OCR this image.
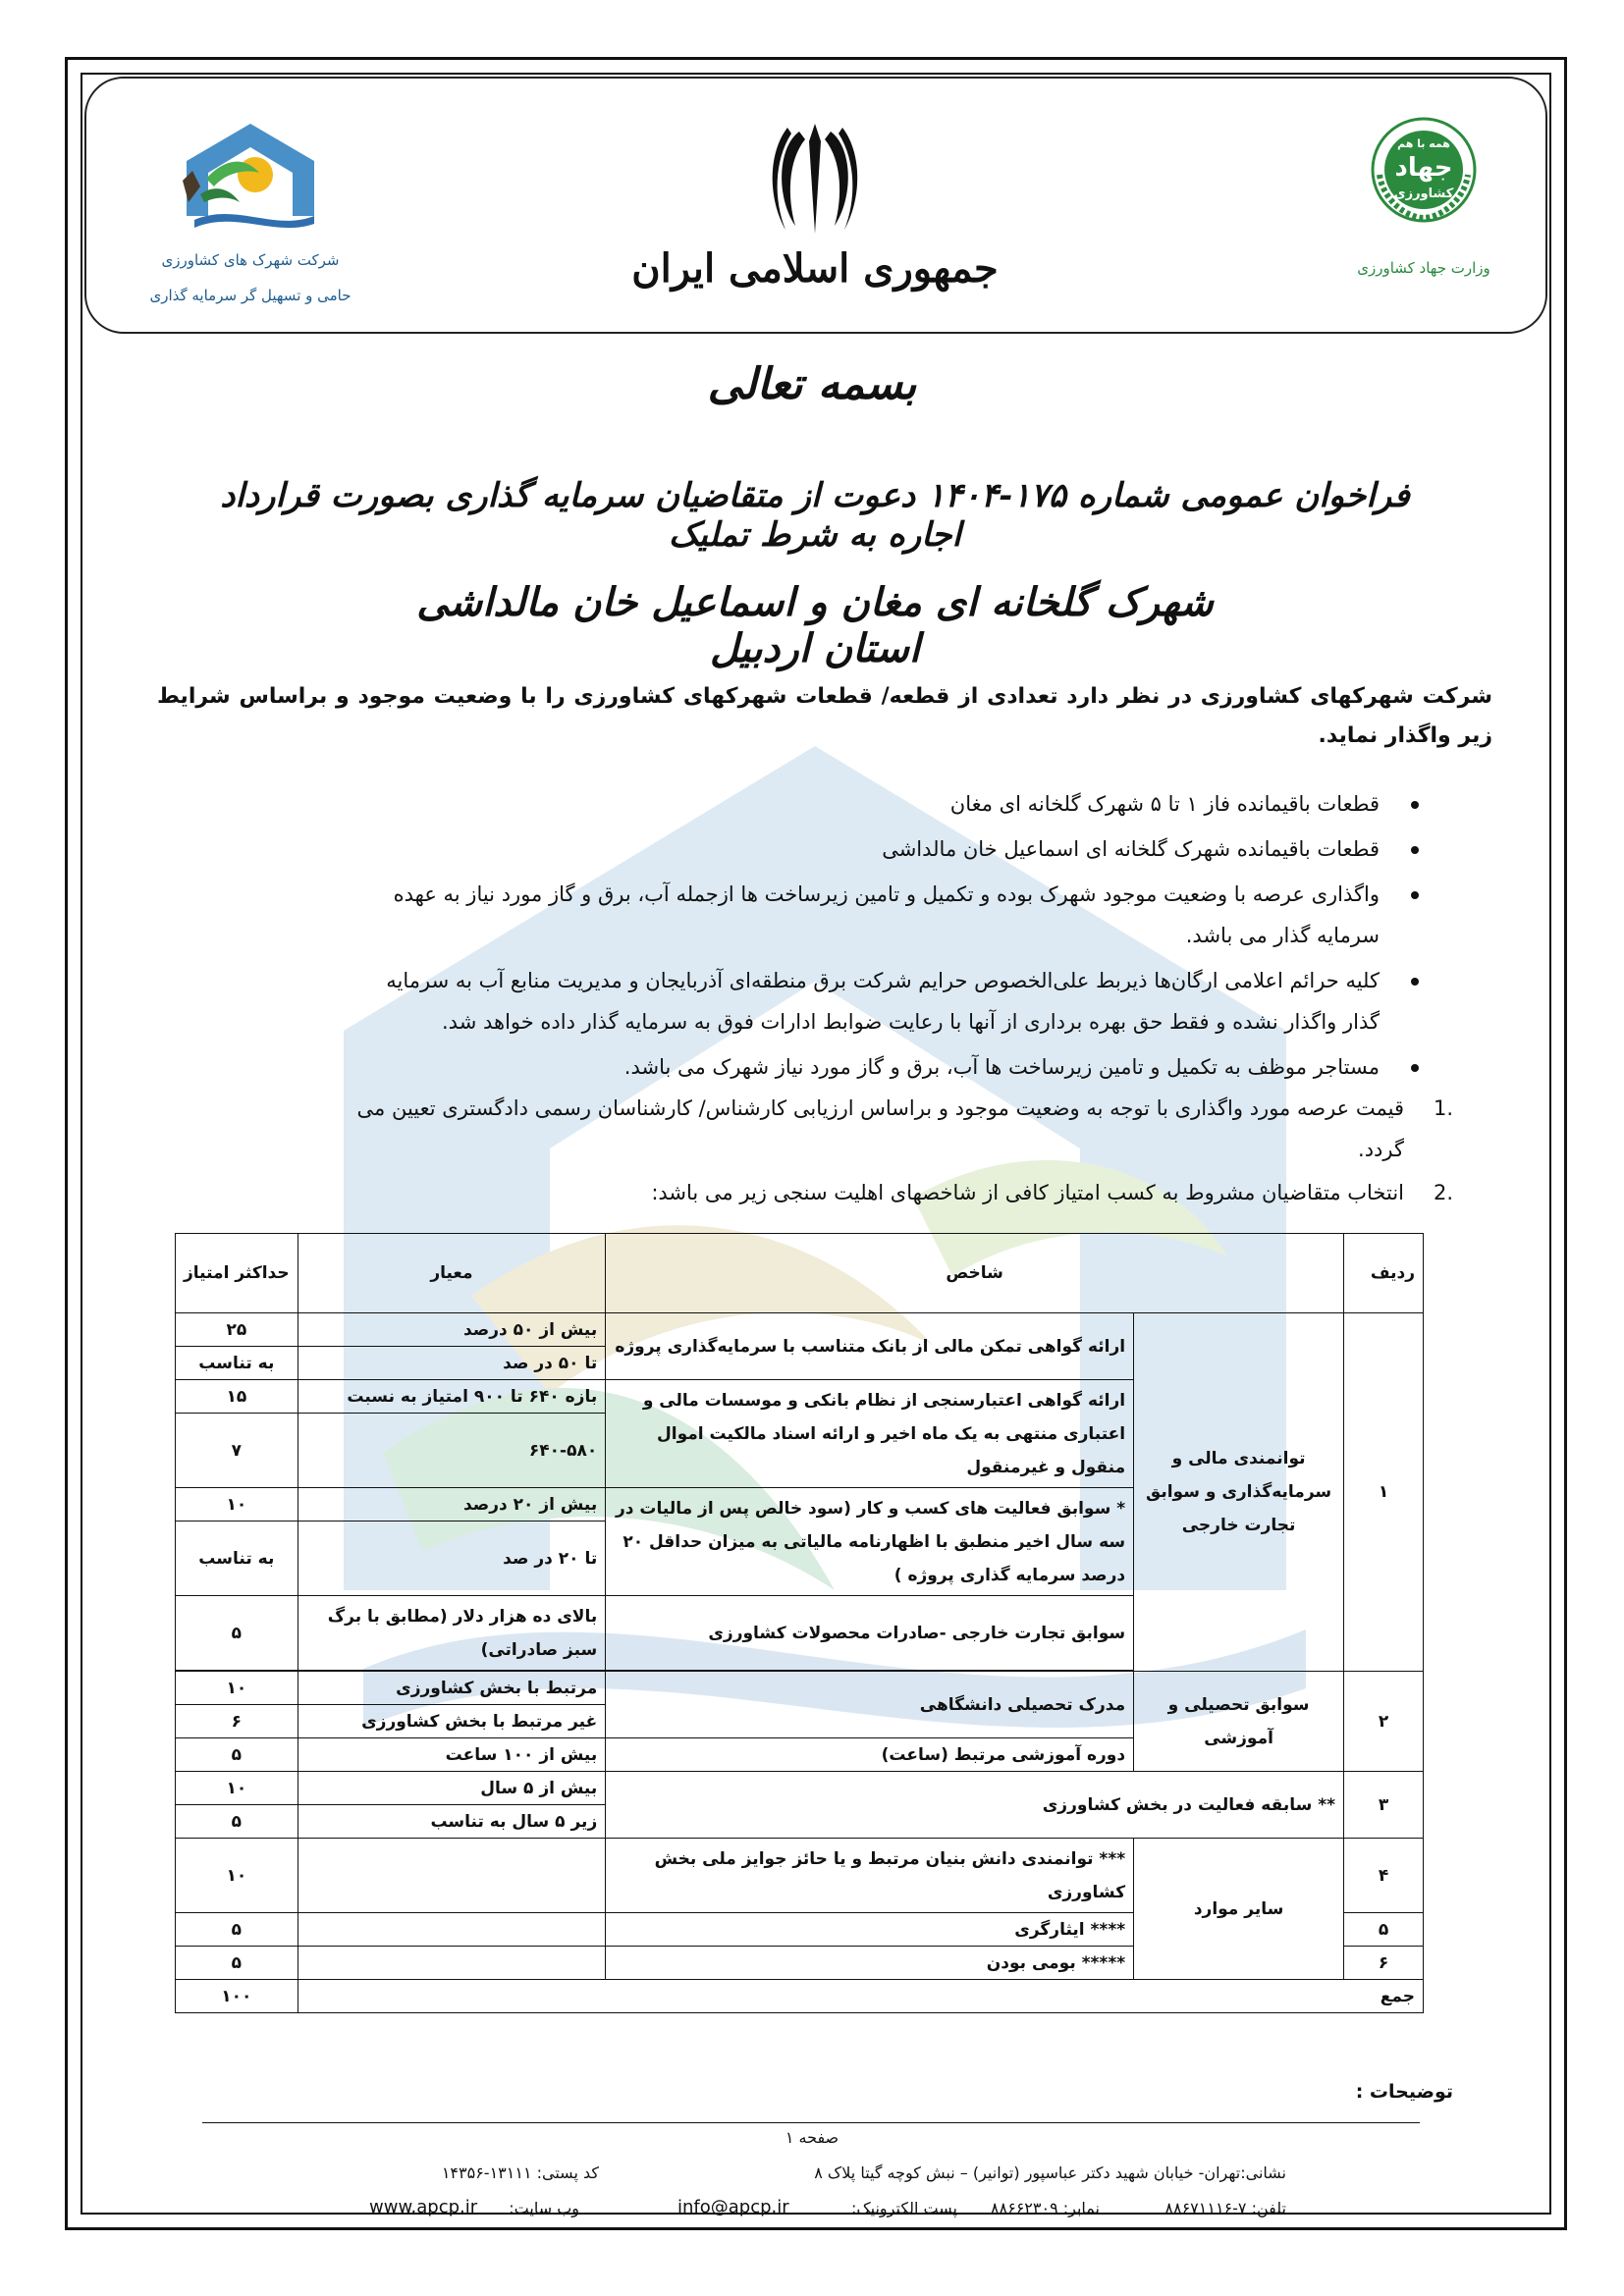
همه با هم
جهاد
کشاورزی
وزارت جهاد کشاورزی
جمهوری اسلامی ایران
شرکت شهرک های کشاورزی
حامی و تسهیل گر سرمایه گذاری
بسمه تعالی
فراخوان عمومی شماره ۱۷۵-۱۴۰۴ دعوت از متقاضیان سرمایه گذاری بصورت قرارداد اجاره به شرط تملیک
شهرک گلخانه ای مغان و اسماعیل خان مالداشی استان اردبیل
شرکت شهرکهای کشاورزی در نظر دارد تعدادی از قطعه/ قطعات شهرکهای کشاورزی را با وضعیت موجود و براساس شرایط زیر واگذار نماید.
قطعات باقیمانده فاز ۱ تا ۵ شهرک گلخانه ای مغان
قطعات باقیمانده شهرک گلخانه ای اسماعیل خان مالداشی
واگذاری عرصه با وضعیت موجود شهرک بوده و تکمیل و تامین زیرساخت ها ازجمله آب، برق و گاز مورد نیاز به عهده
سرمایه گذار می باشد.
کلیه حرائم اعلامی ارگان‌ها ذیربط علی‌الخصوص حرایم شرکت برق منطقه‌ای آذربایجان و مدیریت منابع آب به سرمایه
گذار واگذار نشده و فقط حق بهره برداری از آنها با رعایت ضوابط ادارات فوق به سرمایه گذار داده خواهد شد.
مستاجر موظف به تکمیل و تامین زیرساخت ها آب، برق و گاز مورد نیاز شهرک می باشد.
.1
قیمت عرصه مورد واگذاری با توجه به وضعیت موجود و براساس ارزیابی کارشناس/ کارشناسان رسمی دادگستری تعیین می
گردد.
.2
انتخاب متقاضیان مشروط به کسب امتیاز کافی از شاخصهای اهلیت سنجی زیر می باشد:
ردیف	شاخص		معیار	حداکثر امتیاز
۱	توانمندی مالی و سرمایه‌گذاری و سوابق تجارت خارجی	ارائه گواهی تمکن مالی از بانک متناسب با سرمایه‌گذاری پروژه	بیش از ۵۰ درصد	۲۵
			تا ۵۰ در صد	به تناسب
		ارائه گواهی اعتبارسنجی از نظام بانکی و موسسات مالی و اعتباری منتهی به یک ماه اخیر و ارائه اسناد مالکیت اموال منقول و غیرمنقول	بازه ۶۴۰ تا ۹۰۰ امتیاز به نسبت	۱۵
			۶۴۰-۵۸۰	۷
		* سوابق فعالیت های کسب و کار (سود خالص پس از مالیات در سه سال اخیر منطبق با اظهارنامه مالیاتی به میزان حداقل ۲۰ درصد سرمایه گذاری پروژه )	بیش از ۲۰ درصد	۱۰
			تا ۲۰ در صد	به تناسب
		سوابق تجارت خارجی -صادرات محصولات کشاورزی	بالای ده هزار دلار (مطابق با برگ سبز صادراتی)	۵

۲	سوابق تحصیلی و آموزشی	مدرک تحصیلی دانشگاهی	مرتبط با بخش کشاورزی	۱۰
			غیر مرتبط با بخش کشاورزی	۶
		دوره آموزشی مرتبط (ساعت)	بیش از ۱۰۰ ساعت	۵
۳	** سابقه فعالیت در بخش کشاورزی		بیش از ۵ سال	۱۰
			زیر ۵ سال به تناسب	۵
۴	سایر موارد	*** توانمندی دانش بنیان مرتبط و یا حائز جوایز ملی بخش کشاورزی		۱۰
۵		**** ایثارگری		۵
۶		***** بومی بودن		۵
جمع				۱۰۰
توضیحات :
صفحه ۱
نشانی:تهران- خیابان شهید دکتر عباسپور (توانیر) – نبش کوچه گیتا پلاک ۸
کد پستی: ۱۳۱۱۱-۱۴۳۵۶
تلفن: ۷-۸۸۶۷۱۱۱۶
نمابر: ۸۸۶۶۲۳۰۹
پست الکترونیک:
info@apcp.ir
وب سایت:
www.apcp.ir
